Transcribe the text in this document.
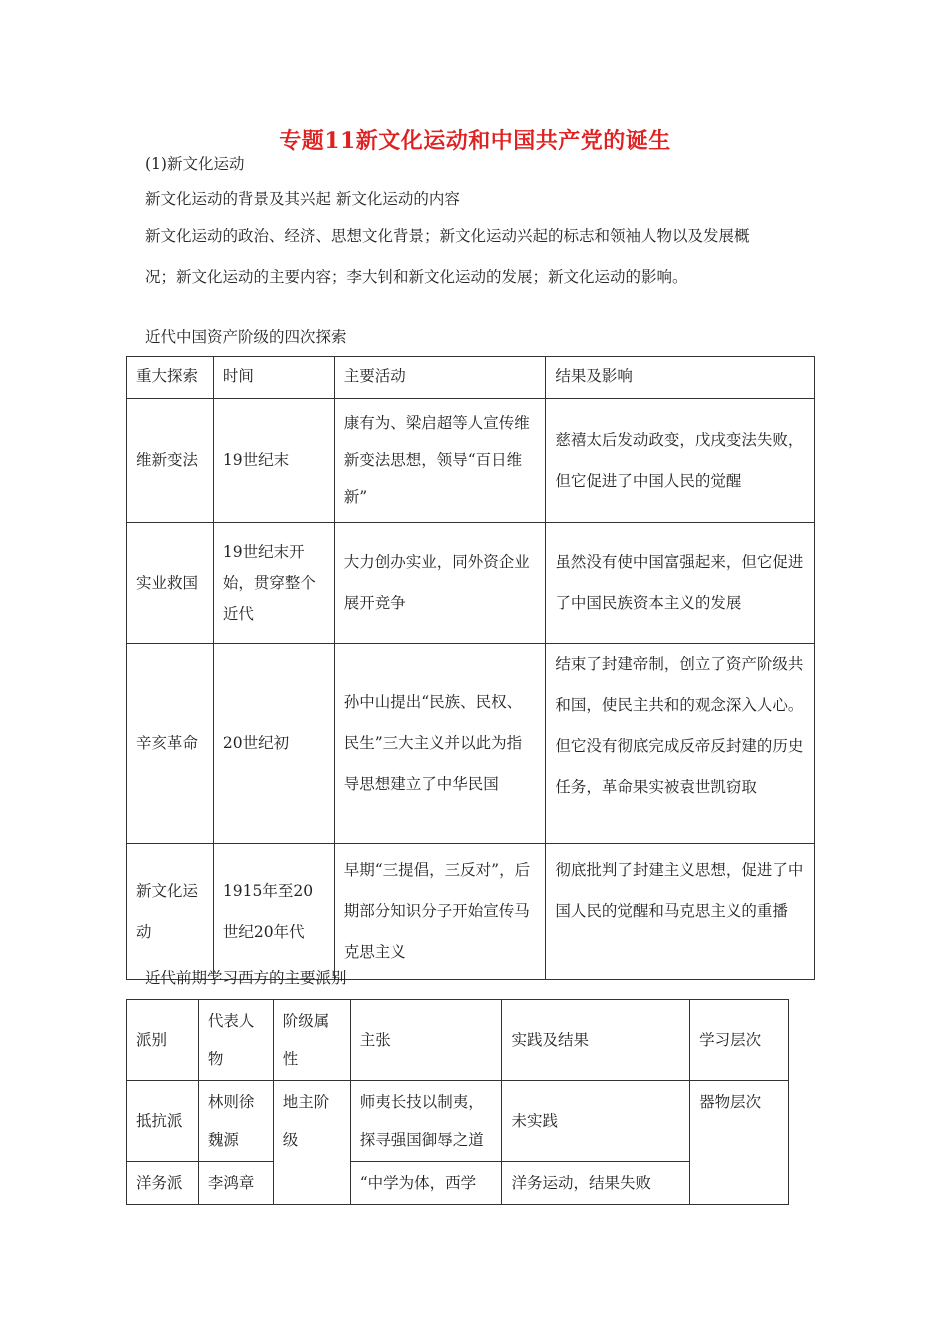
专题11新文化运动和中国共产党的诞生
(1)新文化运动
新文化运动的背景及其兴起 新文化运动的内容
新文化运动的政治、经济、思想文化背景；新文化运动兴起的标志和领袖人物以及发展概
况；新文化运动的主要内容；李大钊和新文化运动的发展；新文化运动的影响。
近代中国资产阶级的四次探索
重大探索	时间	主要活动	结果及影响
维新变法	19世纪末	康有为、梁启超等人宣传维新变法思想，领导“百日维新”	慈禧太后发动政变，戊戌变法失败，但它促进了中国人民的觉醒
实业救国	19世纪末开始，贯穿整个近代	大力创办实业，同外资企业展开竞争	虽然没有使中国富强起来，但它促进了中国民族资本主义的发展
辛亥革命	20世纪初	孙中山提出“民族、民权、民生”三大主义并以此为指导思想建立了中华民国	结束了封建帝制，创立了资产阶级共和国，使民主共和的观念深入人心。但它没有彻底完成反帝反封建的历史任务，革命果实被袁世凯窃取
新文化运动	1915年至20世纪20年代	早期“三提倡，三反对”，后期部分知识分子开始宣传马克思主义	彻底批判了封建主义思想，促进了中国人民的觉醒和马克思主义的重播
近代前期学习西方的主要派别
派别	代表人物	阶级属性	主张	实践及结果	学习层次
抵抗派	林则徐魏源	地主阶级	师夷长技以制夷，探寻强国御辱之道	未实践	器物层次
洋务派	李鸿章		“中学为体，西学	洋务运动，结果失败	
